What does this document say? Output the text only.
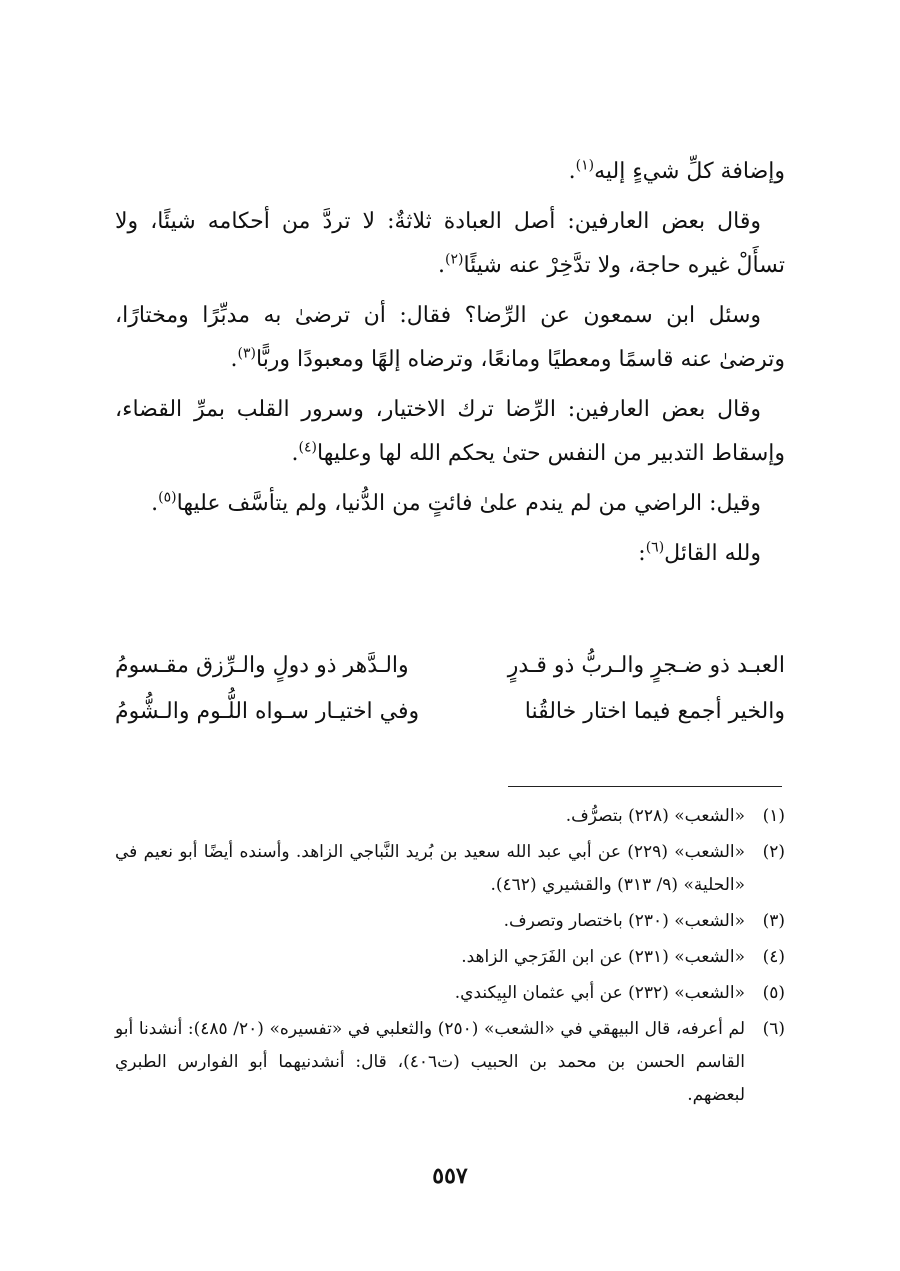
وإضافة كلِّ شيءٍ إليه$^{(١)}$.

وقال بعض العارفين: أصل العبادة ثلاثةٌ: لا تردَّ من أحكامه شيئًا، ولا تسأَلْ غيره حاجة، ولا تدَّخِرْ عنه شيئًا$^{(٢)}$.

وسئل ابن سمعون عن الرِّضا؟ فقال: أن ترضىٰ به مدبِّرًا ومختارًا، وترضىٰ عنه قاسمًا ومعطيًا ومانعًا، وترضاه إلهًا ومعبودًا وربًّا$^{(٣)}$.

وقال بعض العارفين: الرِّضا ترك الاختيار، وسرور القلب بمرِّ القضاء، وإسقاط التدبير من النفس حتىٰ يحكم الله لها وعليها$^{(٤)}$.

وقيل: الراضي من لم يندم علىٰ فائتٍ من الدُّنيا، ولم يتأسَّف عليها$^{(٥)}$.

ولله القائل$^{(٦)}$:

العبـد ذو ضـجرٍ والـربُّ ذو قـدرٍ
والـدَّهر ذو دولٍ والـرِّزق مقـسومُ
والخير أجمع فيما اختار خالقُنا
وفي اختيـار سـواه اللُّـوم والـشُّومُ
(١)
«الشعب» (٢٢٨) بتصرُّف.
(٢)
«الشعب» (٢٢٩) عن أبي عبد الله سعيد بن بُريد النَّباجي الزاهد. وأسنده أيضًا أبو نعيم في «الحلية» (٩/ ٣١٣) والقشيري (٤٦٢).
(٣)
«الشعب» (٢٣٠) باختصار وتصرف.
(٤)
«الشعب» (٢٣١) عن ابن الفَرَجي الزاهد.
(٥)
«الشعب» (٢٣٢) عن أبي عثمان البِيكندي.
(٦)
لم أعرفه، قال البيهقي في «الشعب» (٢٥٠) والثعلبي في «تفسيره» (٢٠/ ٤٨٥): أنشدنا أبو القاسم الحسن بن محمد بن الحبيب (ت٤٠٦)، قال: أنشدنيهما أبو الفوارس الطبري لبعضهم.
٥٥٧
